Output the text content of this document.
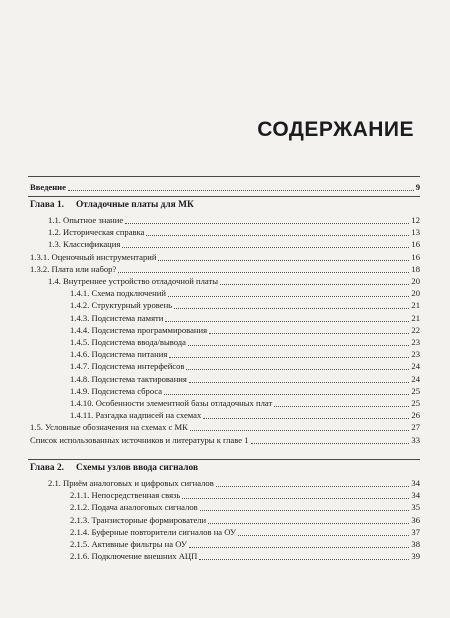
СОДЕРЖАНИЕ
Введение	9
Глава 1. Отладочные платы для МК
1.1. Опытное знание	12
1.2. Историческая справка	13
1.3. Классификация	16
1.3.1. Оценочный инструментарий	16
1.3.2. Плата или набор?	18
1.4. Внутреннее устройство отладочной платы	20
1.4.1. Схема подключений	20
1.4.2. Структурный уровень	21
1.4.3. Подсистема памяти	21
1.4.4. Подсистема программирования	22
1.4.5. Подсистема ввода/вывода	23
1.4.6. Подсистема питания	23
1.4.7. Подсистема интерфейсов	24
1.4.8. Подсистема тактирования	24
1.4.9. Подсистема сброса	25
1.4.10. Особенности элементной базы отладочных плат	25
1.4.11. Разгадка надписей на схемах	26
1.5. Условные обозначения на схемах с МК	27
Список использованных источников и литературы к главе 1	33
Глава 2. Схемы узлов ввода сигналов
2.1. Приём аналоговых и цифровых сигналов	34
2.1.1. Непосредственная связь	34
2.1.2. Подача аналоговых сигналов	35
2.1.3. Транзисторные формирователи	36
2.1.4. Буферные повторители сигналов на ОУ	37
2.1.5. Активные фильтры на ОУ	38
2.1.6. Подключение внешних АЦП	39
